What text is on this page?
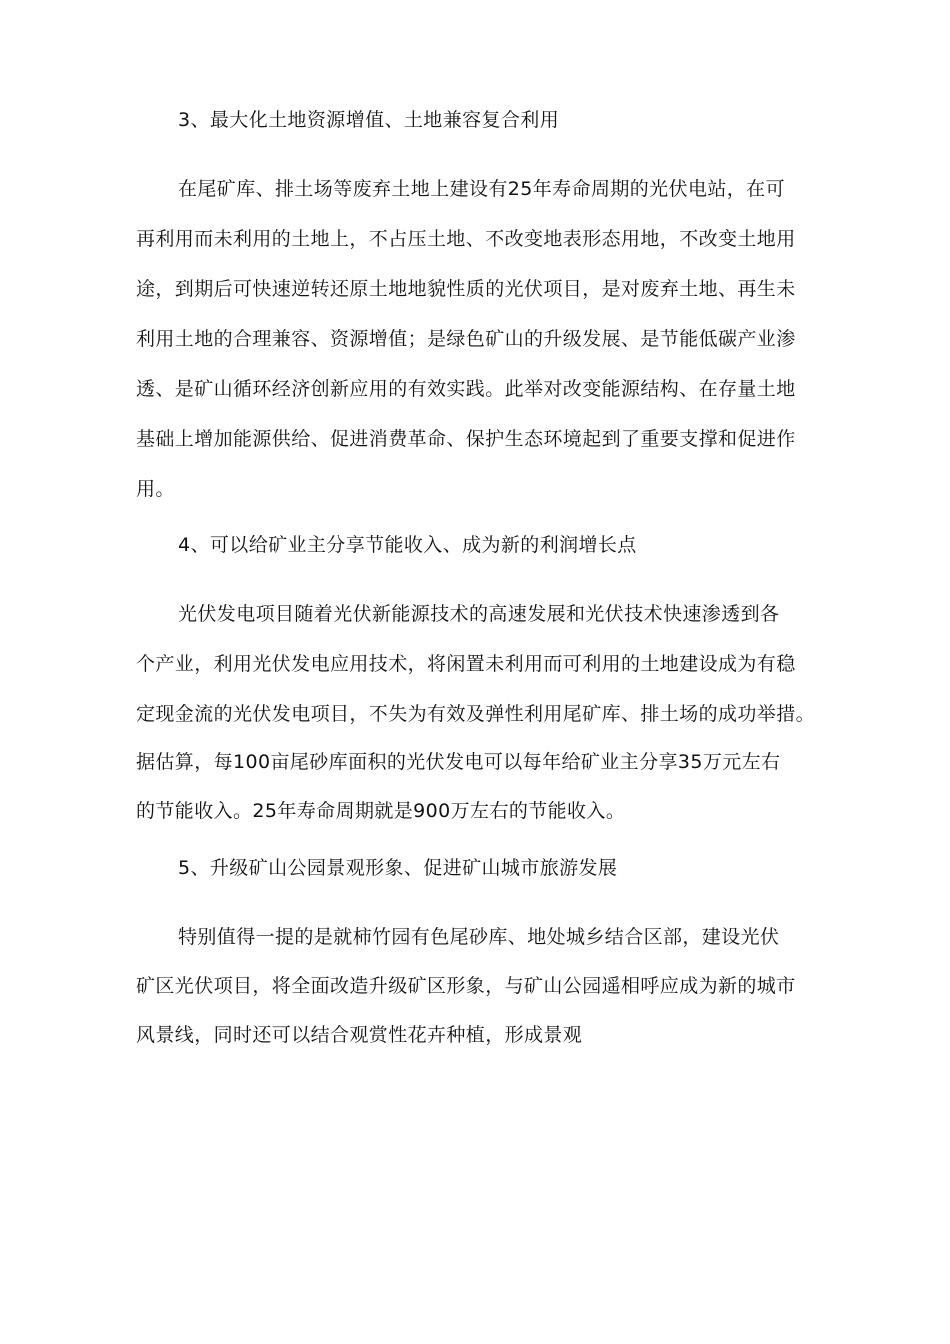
3、最大化土地资源增值、土地兼容复合利用
在尾矿库、排土场等废弃土地上建设有25年寿命周期的光伏电站，在可
再利用而未利用的土地上，不占压土地、不改变地表形态用地，不改变土地用
途，到期后可快速逆转还原土地地貌性质的光伏项目，是对废弃土地、再生未
利用土地的合理兼容、资源增值；是绿色矿山的升级发展、是节能低碳产业渗
透、是矿山循环经济创新应用的有效实践。此举对改变能源结构、在存量土地
基础上增加能源供给、促进消费革命、保护生态环境起到了重要支撑和促进作
用。
4、可以给矿业主分享节能收入、成为新的利润增长点
光伏发电项目随着光伏新能源技术的高速发展和光伏技术快速渗透到各
个产业，利用光伏发电应用技术，将闲置未利用而可利用的土地建设成为有稳
定现金流的光伏发电项目，不失为有效及弹性利用尾矿库、排土场的成功举措。
据估算，每100亩尾砂库面积的光伏发电可以每年给矿业主分享35万元左右
的节能收入。25年寿命周期就是900万左右的节能收入。
5、升级矿山公园景观形象、促进矿山城市旅游发展
特别值得一提的是就柿竹园有色尾砂库、地处城乡结合区部，建设光伏
矿区光伏项目，将全面改造升级矿区形象，与矿山公园遥相呼应成为新的城市
风景线，同时还可以结合观赏性花卉种植，形成景观
